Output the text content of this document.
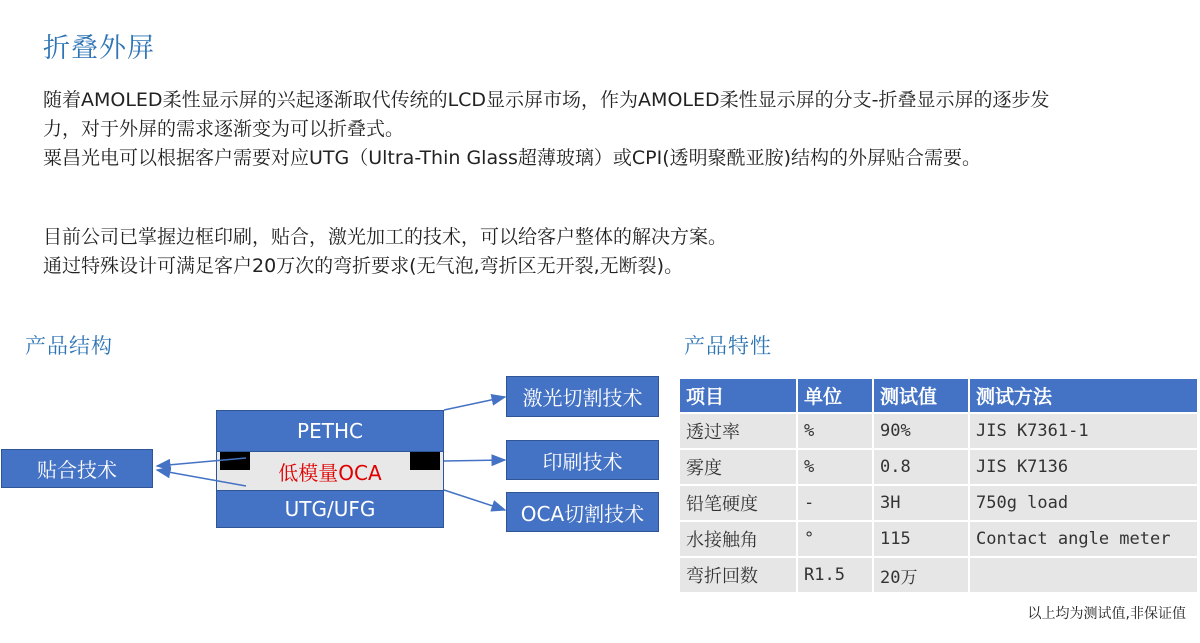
折叠外屏

随着AMOLED柔性显示屏的兴起逐渐取代传统的LCD显示屏市场，作为AMOLED柔性显示屏的分支-折叠显示屏的逐步发力，对于外屏的需求逐渐变为可以折叠式。

粟昌光电可以根据客户需要对应UTG（Ultra-Thin Glass超薄玻璃）或CPI(透明聚酰亚胺)结构的外屏贴合需要。

目前公司已掌握边框印刷，贴合，激光加工的技术，可以给客户整体的解决方案。

通过特殊设计可满足客户20万次的弯折要求(无气泡,弯折区无开裂,无断裂)。

产品结构
PETHC
低模量OCA
UTG/UFG
贴合技术
激光切割技术
印刷技术
OCA切割技术
产品特性
项目	单位	测试值	测试方法
透过率	%	90%	JIS K7361-1
雾度	%	0.8	JIS K7136
铅笔硬度	-	3H	750g load
水接触角	°	115	Contact angle meter
弯折回数	R1.5	20万	
以上均为测试值,非保证值
